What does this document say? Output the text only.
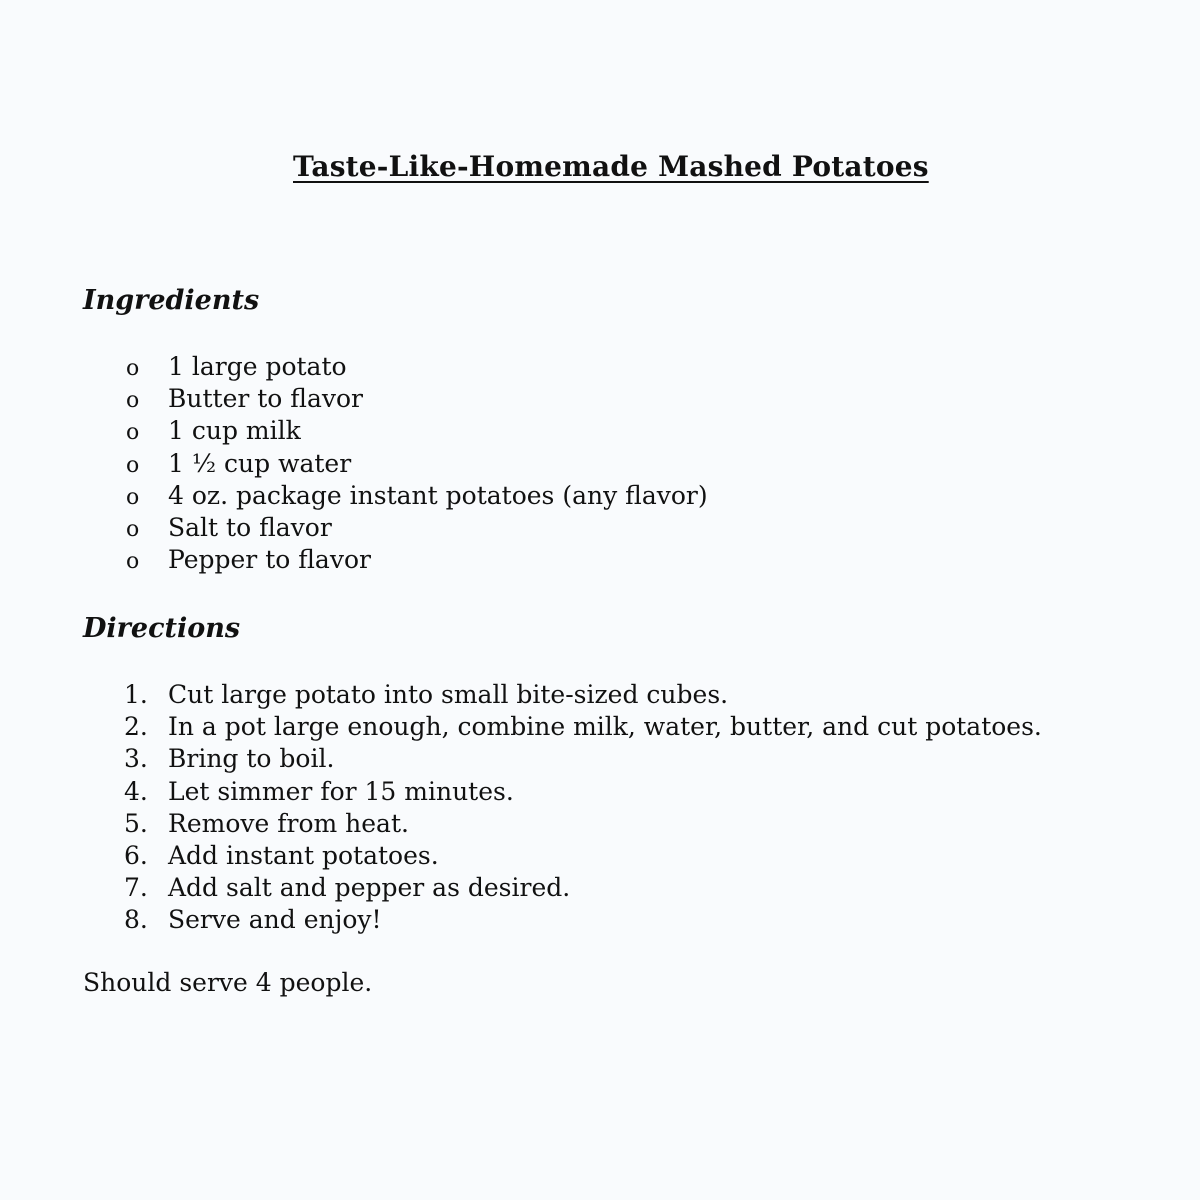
Taste-Like-Homemade Mashed Potatoes
Ingredients
o	1 large potato
o	Butter to flavor
o	1 cup milk
o	1 ½ cup water
o	4 oz. package instant potatoes (any flavor)
o	Salt to flavor
o	Pepper to flavor
Directions
1. Cut large potato into small bite-sized cubes.
2. In a pot large enough, combine milk, water, butter, and cut potatoes.
3. Bring to boil.
4. Let simmer for 15 minutes.
5. Remove from heat.
6. Add instant potatoes.
7. Add salt and pepper as desired.
8. Serve and enjoy!

Should serve 4 people.
